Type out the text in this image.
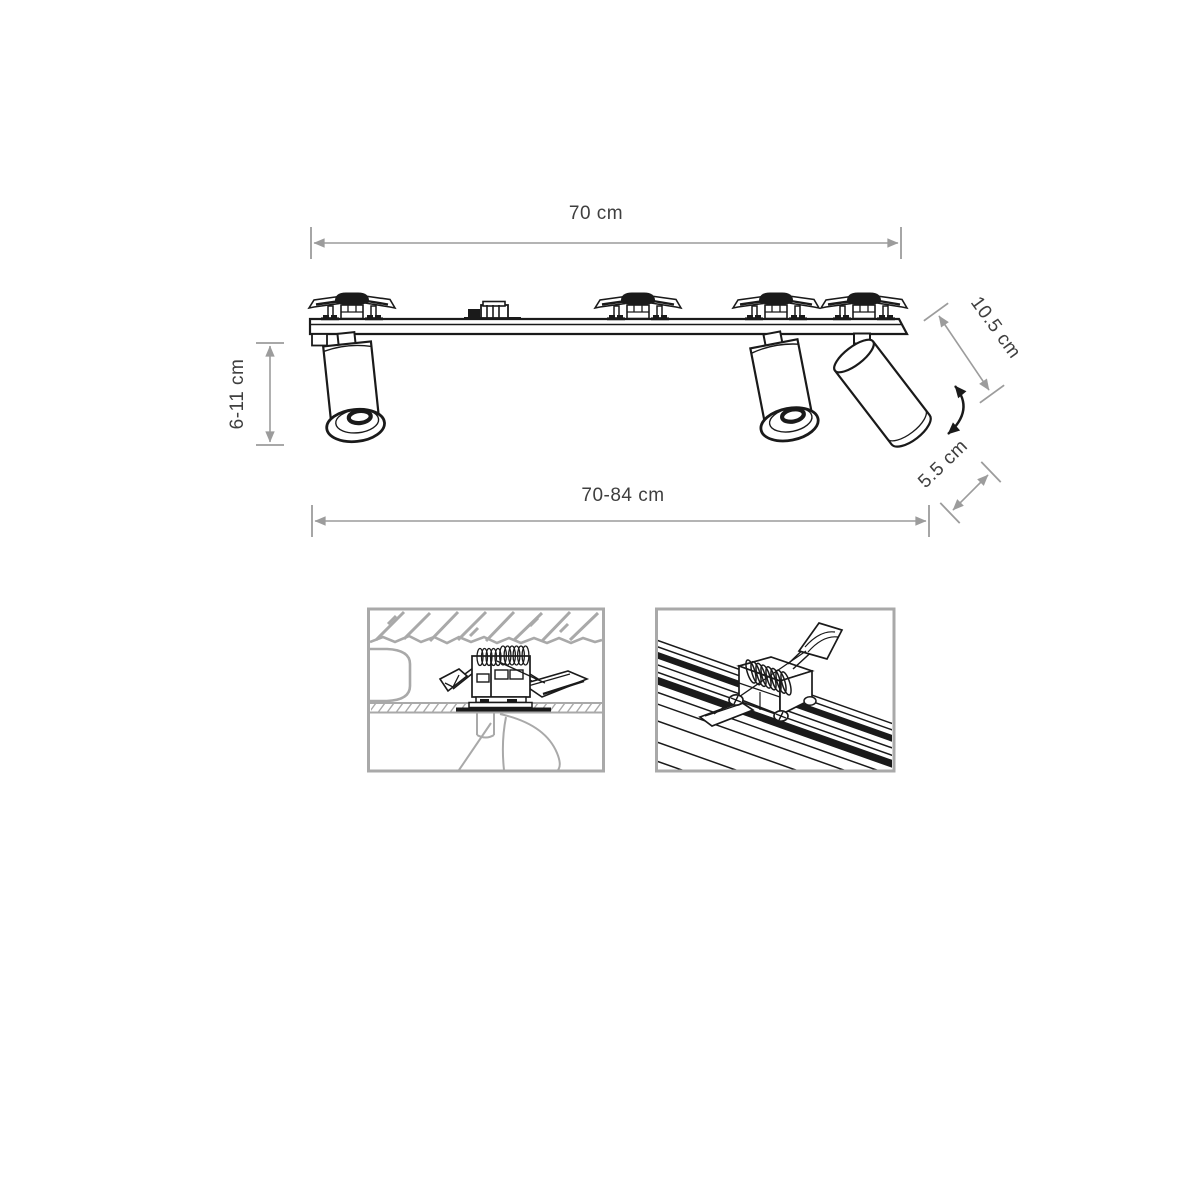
70 cm
70-84 cm
6-11 cm
10.5 cm
5.5 cm
